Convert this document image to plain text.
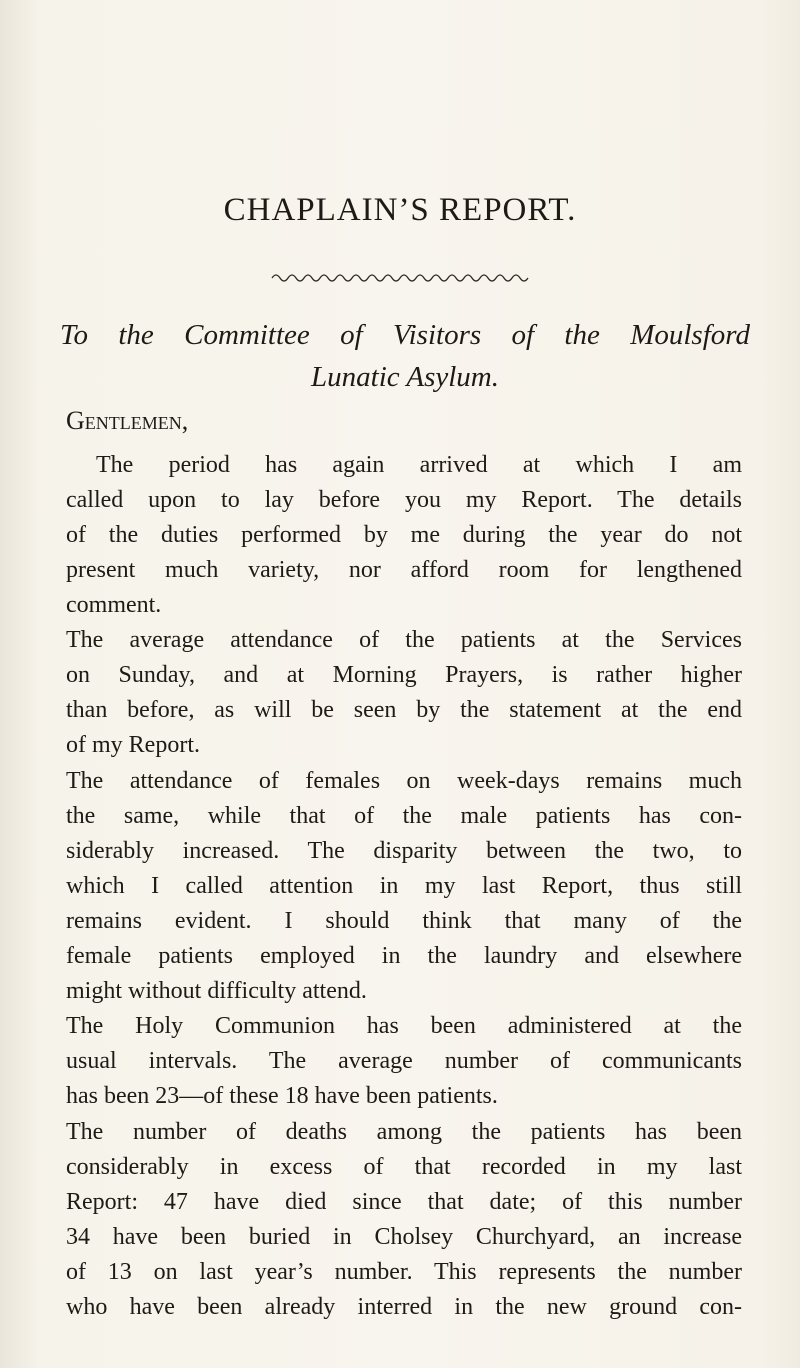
CHAPLAIN’S REPORT.

To the Committee of Visitors of the Moulsford

Lunatic Asylum.

Gentlemen,

The period has again arrived at which I am

called upon to lay before you my Report. The details

of the duties performed by me during the year do not

present much variety, nor afford room for lengthened

comment.

The average attendance of the patients at the Services

on Sunday, and at Morning Prayers, is rather higher

than before, as will be seen by the statement at the end

of my Report.

The attendance of females on week-days remains much

the same, while that of the male patients has con-

siderably increased. The disparity between the two, to

which I called attention in my last Report, thus still

remains evident. I should think that many of the

female patients employed in the laundry and elsewhere

might without difficulty attend.

The Holy Communion has been administered at the

usual intervals. The average number of communicants

has been 23—of these 18 have been patients.

The number of deaths among the patients has been

considerably in excess of that recorded in my last

Report: 47 have died since that date; of this number

34 have been buried in Cholsey Churchyard, an increase

of 13 on last year’s number. This represents the number

who have been already interred in the new ground con-
